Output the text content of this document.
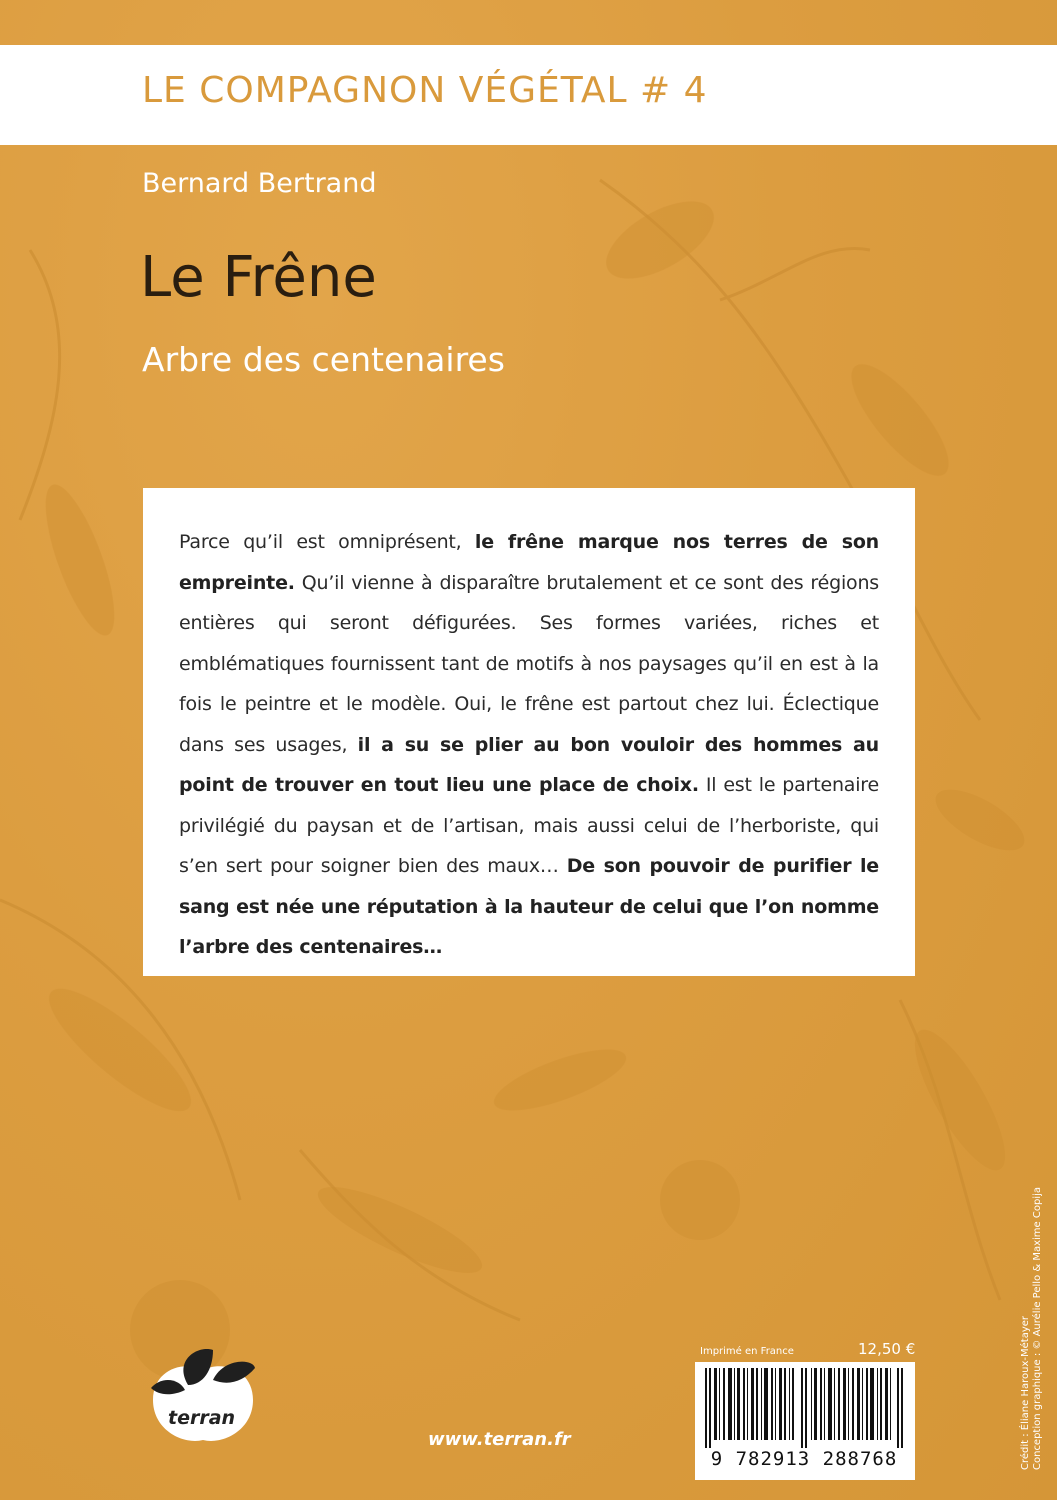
LE COMPAGNON VÉGÉTAL # 4
Bernard Bertrand
Le Frêne
Arbre des centenaires

Parce qu’il est omniprésent, le frêne marque nos terres de son empreinte. Qu’il vienne à disparaître brutalement et ce sont des régions entières qui seront défigurées. Ses formes variées, riches et emblématiques fournissent tant de motifs à nos paysages qu’il en est à la fois le peintre et le modèle. Oui, le frêne est partout chez lui. Éclectique dans ses usages, il a su se plier au bon vouloir des hommes au point de trouver en tout lieu une place de choix. Il est le partenaire privilégié du paysan et de l’artisan, mais aussi celui de l’herboriste, qui s’en sert pour soigner bien des maux… De son pouvoir de purifier le sang est née une réputation à la hauteur de celui que l’on nomme l’arbre des centenaires…

terran
www.terran.fr
Imprimé en France	12,50 €
9 782913 288768	Crédit : Éliane Haroux-Métayer Conception graphique : © Aurélie Pello & Maxime Copija
